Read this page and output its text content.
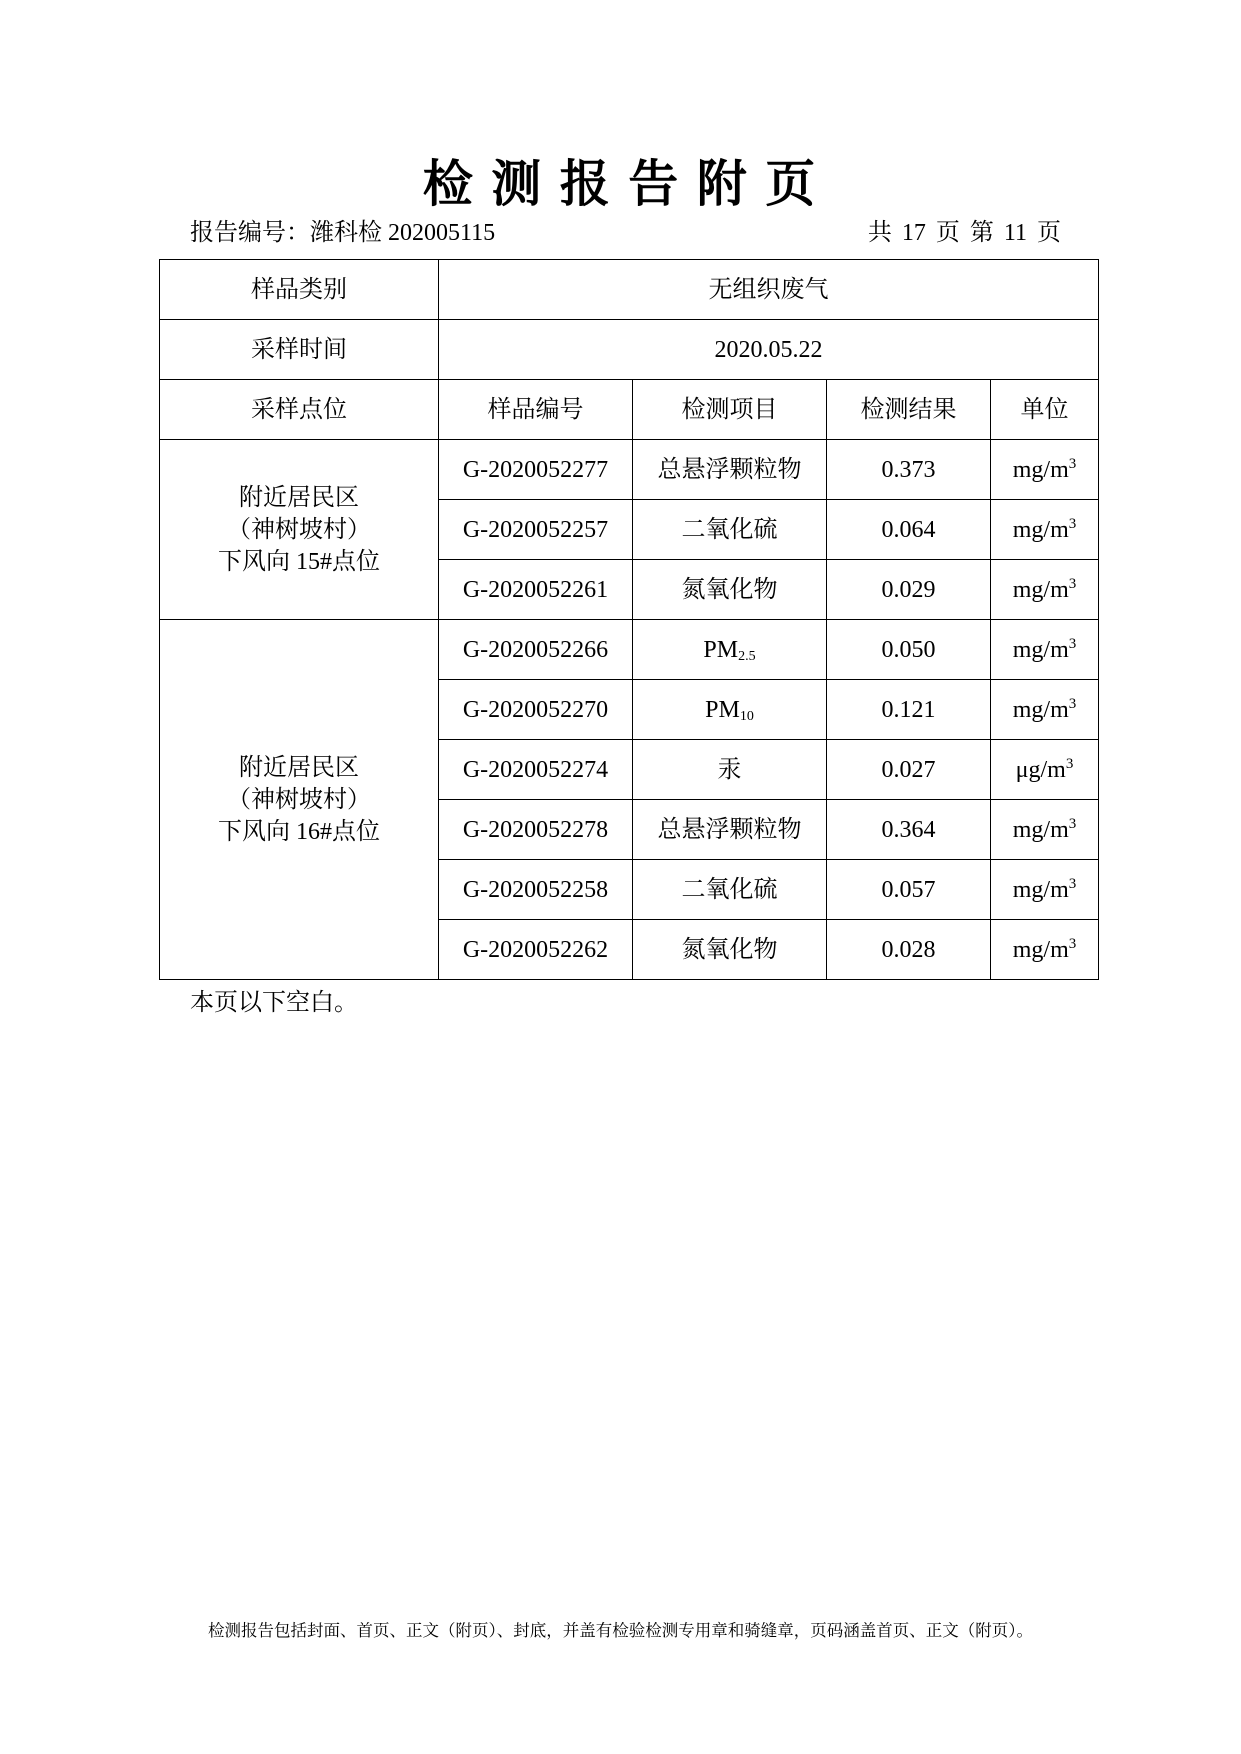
检 测 报 告 附 页
报告编号：潍科检 202005115	共 17 页 第 11 页
样品类别	无组织废气			
采样时间	2020.05.22			
采样点位	样品编号	检测项目	检测结果	单位

附近居民区
（神树坡村）
下风向 15#点位	G-2020052277	总悬浮颗粒物	0.373	$mg/m^3$
	G-2020052257	二氧化硫	0.064	$mg/m^3$
	G-2020052261	氮氧化物	0.029	$mg/m^3$

附近居民区
（神树坡村）
下风向 16#点位	G-2020052266	$PM_{2.5}$	0.050	$mg/m^3$
	G-2020052270	$PM_{10}$	0.121	$mg/m^3$
	G-2020052274	汞	0.027	$\mu g/m^3$
	G-2020052278	总悬浮颗粒物	0.364	$mg/m^3$
	G-2020052258	二氧化硫	0.057	$mg/m^3$
	G-2020052262	氮氧化物	0.028	$mg/m^3$
本页以下空白。
检测报告包括封面、首页、正文（附页）、封底，并盖有检验检测专用章和骑缝章，页码涵盖首页、正文（附页）。
